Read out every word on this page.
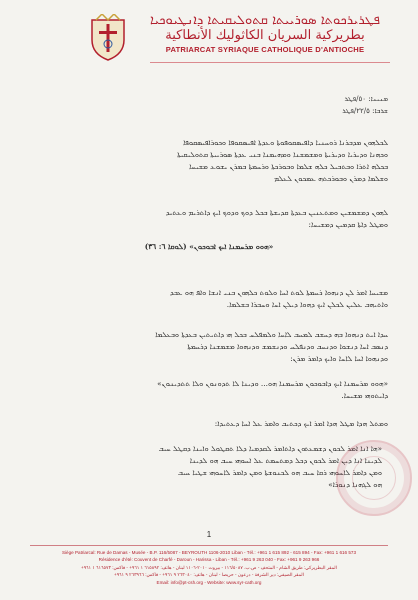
ܦܛܪܝܪܟܘܬܐ ܣܘܪܝܝܬܐ ܩܬܘܠܝܩܝܬܐ ܕܐܢܛܝܘܟܝܐ
بطريركية السريان الكاثوليك الأنطاكية
PATRIARCAT SYRIAQUE CATHOLIQUE D'ANTIOCHE
ܡܢܝܢܐ: ٥٠/ܦܛܪ
ܫܪܒܐ: ٢٢/٥/ܦܛܪ
ܠܟܠܗܘܢ ܡܕܒܪܢܐ ܪܘܚܢܝܐ ܕܐܦܝܣܩܘܦܘܬܐ ܘܥܕܬܐ ܐܦܝܣܩܘܦܐ ܘܟܘܪܐܦܝܣܩܘܦܐ
ܘܟܗܢܐ ܘܕܝܪܝܐ ܘܕܝܪܝܬܐ ܘܡܫܡܫܢܐ ܘܡܗܝܡܢܐ ܒܢܝ ܥܕܬܐ ܣܘܪܝܝܬܐ ܩܬܘܠܝܩܝܬܐ
ܒܟܠܗ ܐܬܪܐ ܘܒܬܒܝܠ ܟܠܗ ܫܠܡܐ ܘܒܘܪܟܬܐ ܘܪܚܡܬܐ ܒܡܪܢ ܝܫܘܥ ܡܫܝܚܐ
ܘܫܠܡܐ ܕܡܪܢ ܘܒܘܪܟܬܗ ܥܡܟܘܢ ܠܥܠܡ
ܠܗܘܢ ܕܡܫܡܫܝܢ ܘܡܬܥܢܝܢ ܒܥܕܬܐ ܩܕܝܫܬܐ ܒܟܠ ܕܘܟ ܘܕܘܟ ܐܝܟ ܕܐܬܪܝܡ ܘܥܬܝܕ
ܘܡܛܠ ܕܐܬܐ ܩܕܡܝܢ ܕܡܫܝܚܐ:
«ܗܘܘ ܡܪܚܡܢܐ ܐܝܟ ܐܒܘܟܘܢ» (ܠܘܩܐ ٦: ٣٦)
ܡܫܝܚܐ ܐܡܪ ܠܢ ܕܢܗܘܐ ܪܚܡܬܐ ܠܘܬ ܐܚܐ ܘܠܘܬ ܟܠܗܘܢ ܒܢܝ ܐܢܫܐ ܘܐܦ ܗܘ ܥܒܕ
ܘܐܬܝܗܒ ܥܠܝܢ ܠܟܠܢ ܐܝܟ ܕܗܘܐ ܕܝܠܢ ܐܚܐ ܘܚܒܪܐ ܒܫܠܡܐ.
ܚܕܐ ܐܝܬ ܕܢܗܘܐ ܒܗ ܕܚܫܒ ܠܡܚܒ ܠܐܚܐ ܘܠܡܦܠܚ ܒܟܠ ܗܝ ܕܐܬܝܬܝܢ ܒܥܕܬܐ ܘܒܥܠܡܐ
ܕܢܣܒ ܐܚܐ ܕܢܫܘܐ ܘܕܢܚܒ ܘܕܢܦܠܚ ܘܕܢܫܡܫ ܘܕܢܗܘܐ ܡܫܡܫܢܐ ܕܪܚܡܬܐ
ܘܕܢܗܘܐ ܐܚܐ ܠܐܚܐ ܘܐܝܟ ܕܐܡܪ ܡܪܢ:
«ܗܘܘ ܡܪܚܡܢܐ ܐܝܟ ܕܐܒܘܟܘܢ ܡܪܚܡܢܐ ܗܘ... ܘܕܝܢܐ ܠܐ ܬܕܘܢܘܢ ܘܠܐ ܬܬܕܝܢܘܢ»
ܕܐܝܬܘܗܝ ܡܫܝܚܐ.
ܘܡܬܠ ܗܕܐ ܡܛܠ ܗܕܐ ܐܡܪ ܐܝܟ ܕܟܬܝܒ ܘܐܡܪ ܥܠ ܐܚܐ ܕܥܬܝܕܐ:
«ܗܐ ܐܢܐ ܐܡܪ ܠܟܘܢ ܕܫܡܥܬܘܢ ܕܐܬܐܡܪ ܠܩܕܡܝܐ ܕܠܐ ܬܩܛܘܠ ܘܐܝܢܐ ܕܩܛܠ ܚܝܒ
ܠܕܝܢܐ ܐܢܐ ܕܝܢ ܐܡܪ ܠܟܘܢ ܕܟܠ ܕܡܬܚܡܬ ܥܠ ܐܚܘܗܝ ܚܝܒ ܗܘ ܠܕܝܢܐ
ܘܡܢ ܕܐܡܪ ܠܐܚܘܗܝ ܪܩܐ ܚܝܒ ܗܘ ܠܟܢܘܫܬܐ ܘܡܢ ܕܐܡܪ ܠܐܚܘܗܝ ܫܛܝܐ ܚܝܒ
ܗܘ ܠܓܗܢܐ ܕܢܘܪܐ»
1
Siège Patriarcal: Rue de Damas - Musée - B.P. 116/5087 - BEYROUTH 1106-2010 Liban - Tél.: +961 1 615 892 - 615 894 - Fax: +961 1 616 573
Résidence d'été: Couvent de Charfé - Daroun - Harissa - Liban - Tél.: +961 9 263 040 - Fax: +961 9 263 966
المقر البطريركي: طريق الشام - المتحف - ص.ب. ١١٦/٥٠٨٧ - بيروت ٢٠١٠-١١٠٦ لبنان - هاتف: ٦١٥٨٩٢ ١ ٩٦١+ - فاكس: ٦١٦٥٧٣ ١ ٩٦١+
المقر الصيفي: دير الشرفة - درعون - حريصا - لبنان - هاتف: ٢٦٣٠٤٠ ٩ ٩٦١+ - فاكس: ٢٦٣٩٦٦ ٩ ٩٦١+
Email: info@pt-csh.org - Website: www.syr-cath.org
